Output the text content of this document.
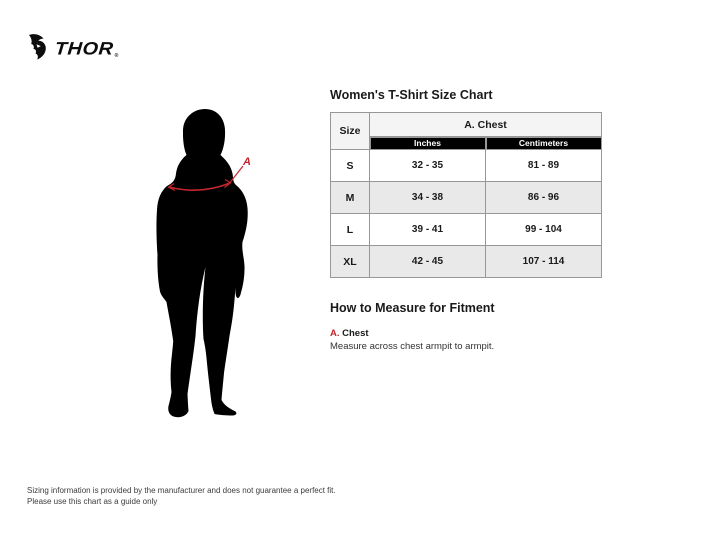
THOR ®
A
Women's T-Shirt Size Chart
Size	A. Chest	
	Inches	Centimeters
S	32 - 35	81 - 89
M	34 - 38	86 - 96
L	39 - 41	99 - 104
XL	42 - 45	107 - 114
How to Measure for Fitment

A. Chest

Measure across chest armpit to armpit.

Sizing information is provided by the manufacturer and does not guarantee a perfect fit.
Please use this chart as a guide only
